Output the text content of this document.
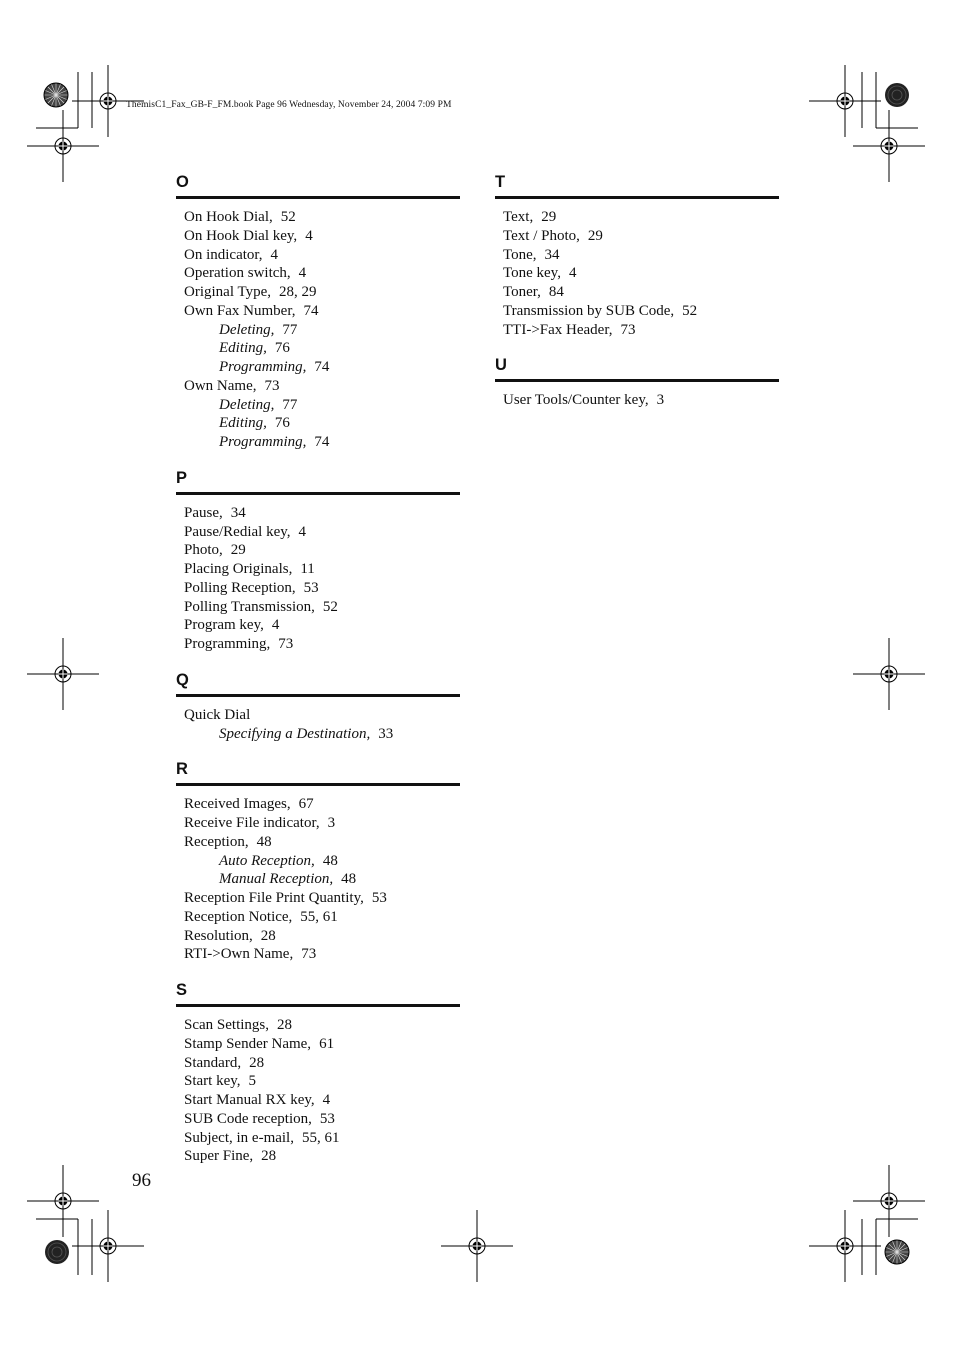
ThemisC1_Fax_GB-F_FM.book Page 96 Wednesday, November 24, 2004 7:09 PM
O
On Hook Dial, 52
On Hook Dial key, 4
On indicator, 4
Operation switch, 4
Original Type, 28, 29
Own Fax Number, 74
Deleting, 77
Editing, 76
Programming, 74
Own Name, 73
Deleting, 77
Editing, 76
Programming, 74
P
Pause, 34
Pause/Redial key, 4
Photo, 29
Placing Originals, 11
Polling Reception, 53
Polling Transmission, 52
Program key, 4
Programming, 73
Q
Quick Dial
Specifying a Destination, 33
R
Received Images, 67
Receive File indicator, 3
Reception, 48
Auto Reception, 48
Manual Reception, 48
Reception File Print Quantity, 53
Reception Notice, 55, 61
Resolution, 28
RTI->Own Name, 73
S
Scan Settings, 28
Stamp Sender Name, 61
Standard, 28
Start key, 5
Start Manual RX key, 4
SUB Code reception, 53
Subject, in e-mail, 55, 61
Super Fine, 28
T
Text, 29
Text / Photo, 29
Tone, 34
Tone key, 4
Toner, 84
Transmission by SUB Code, 52
TTI->Fax Header, 73
U
User Tools/Counter key, 3
96
